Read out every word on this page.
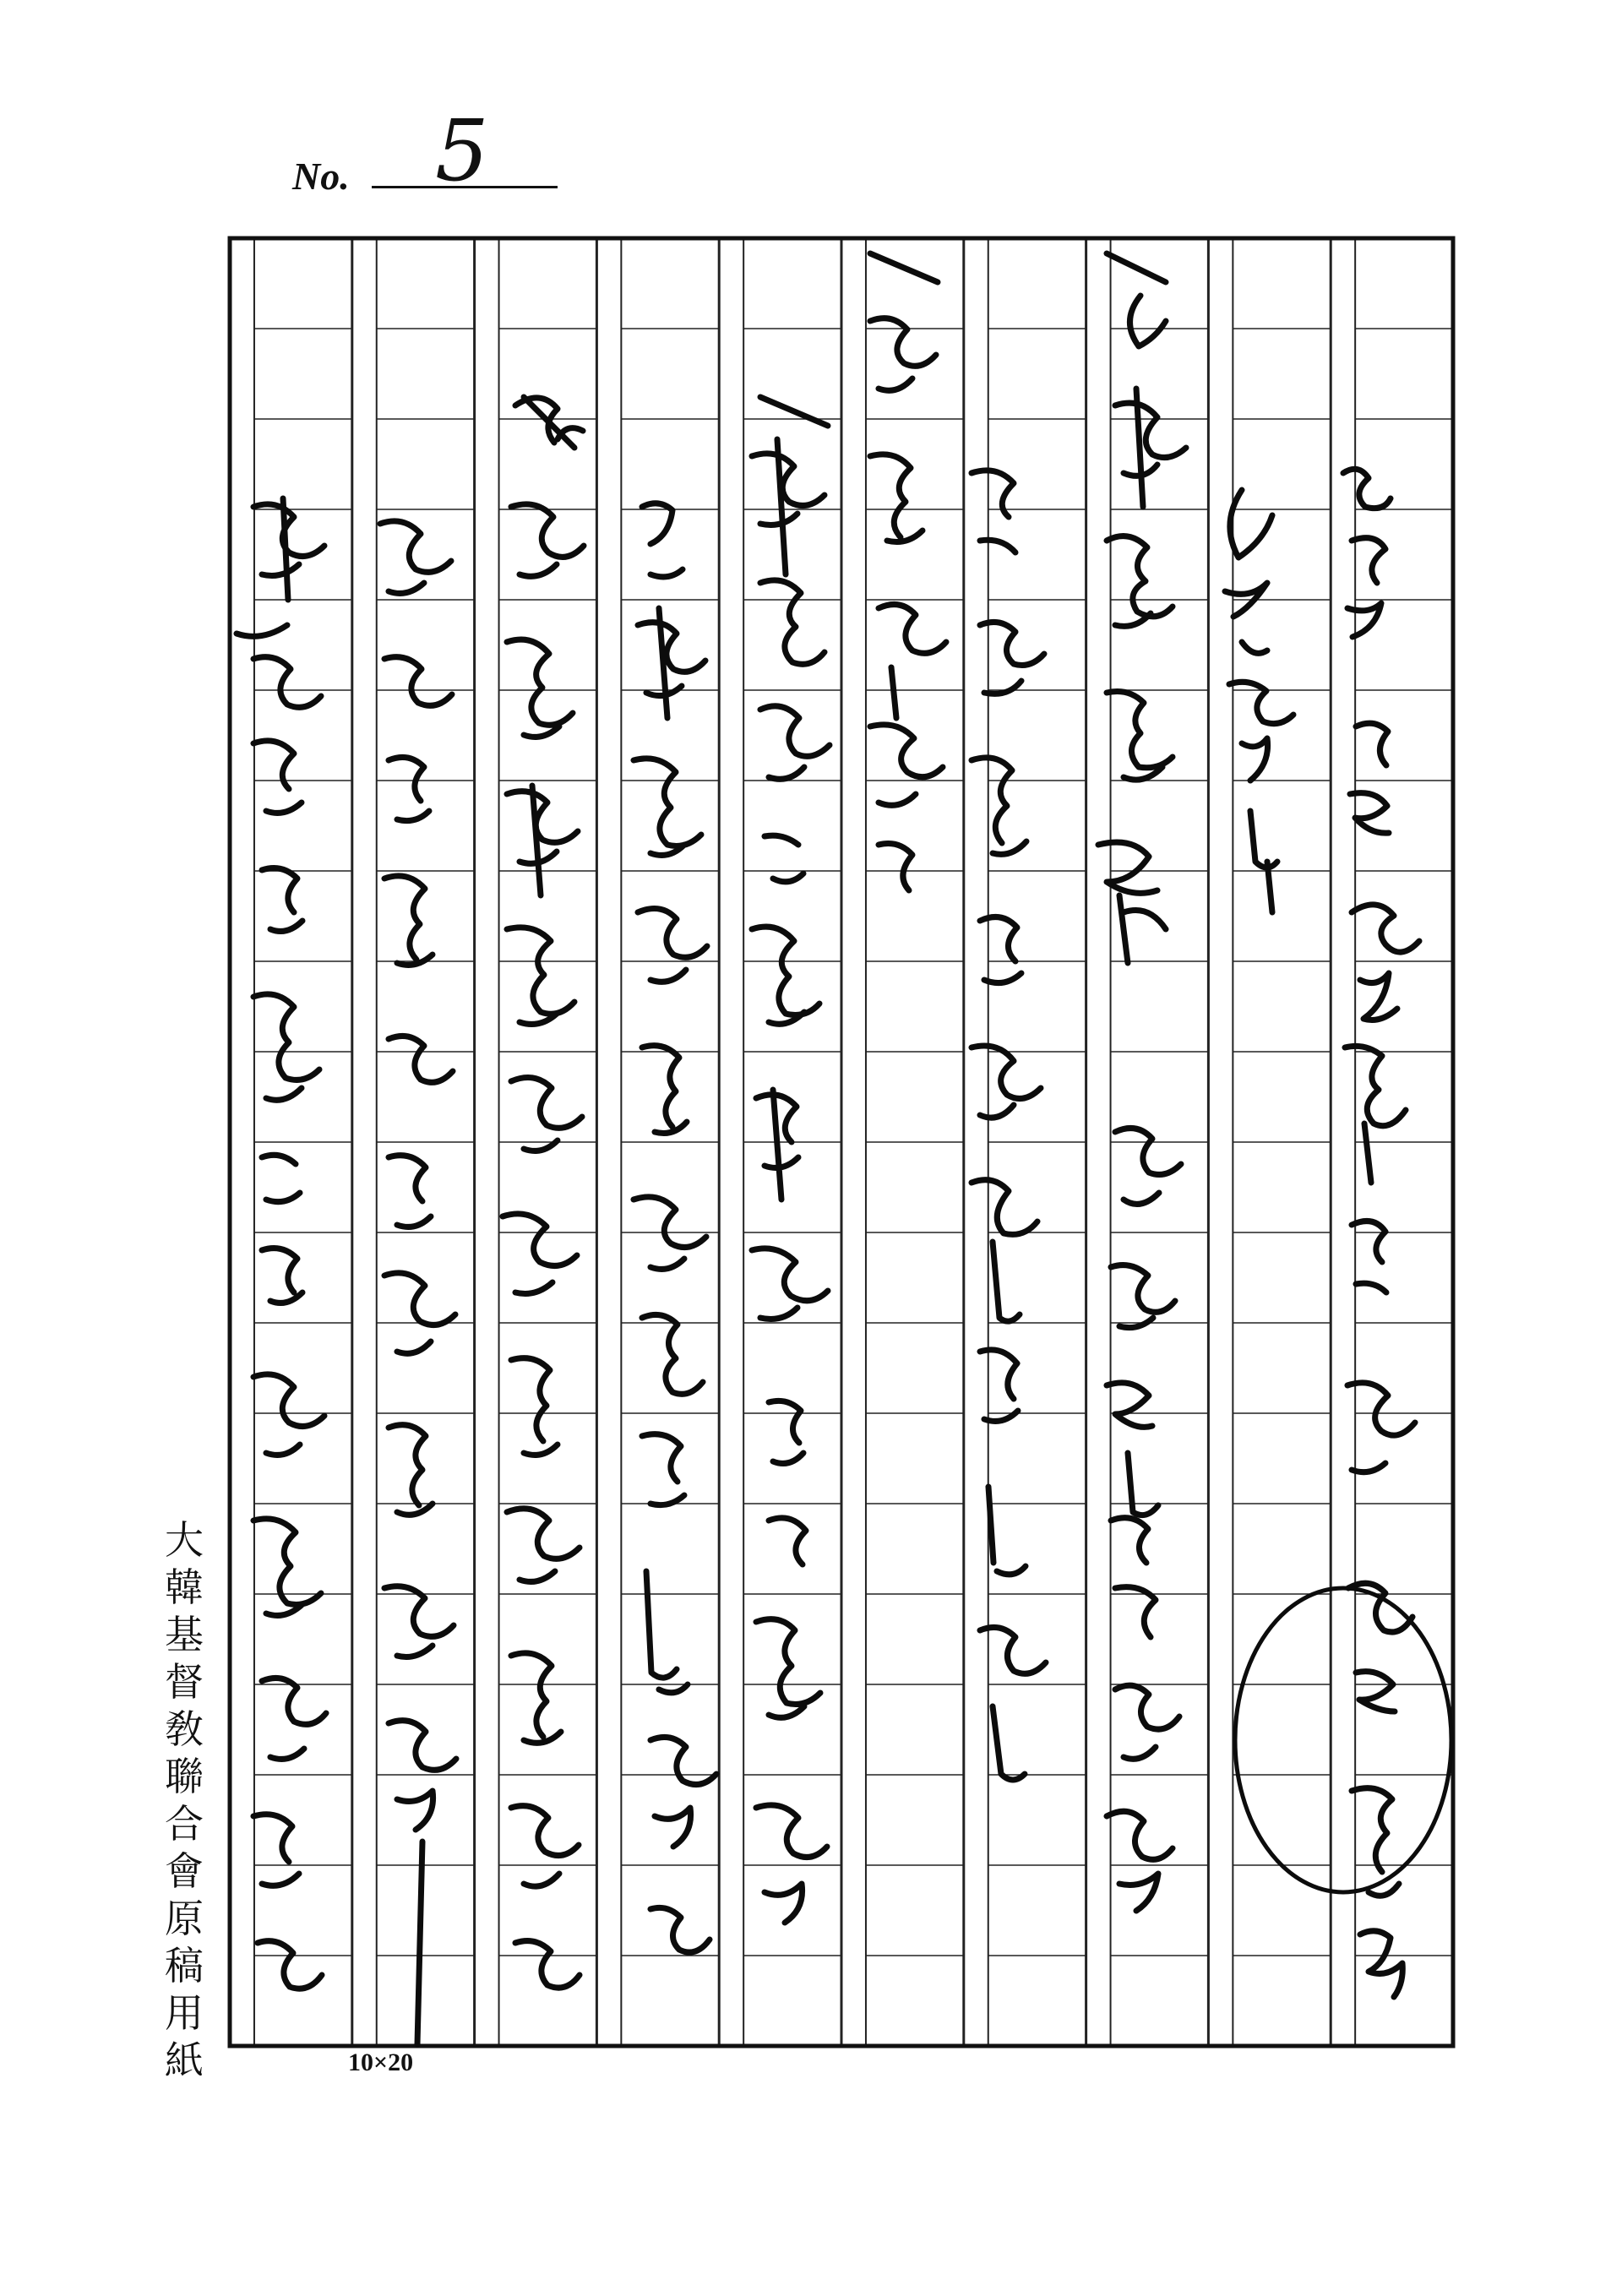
No. 5
大韓基督敎聯合會原稿用紙	10×20
